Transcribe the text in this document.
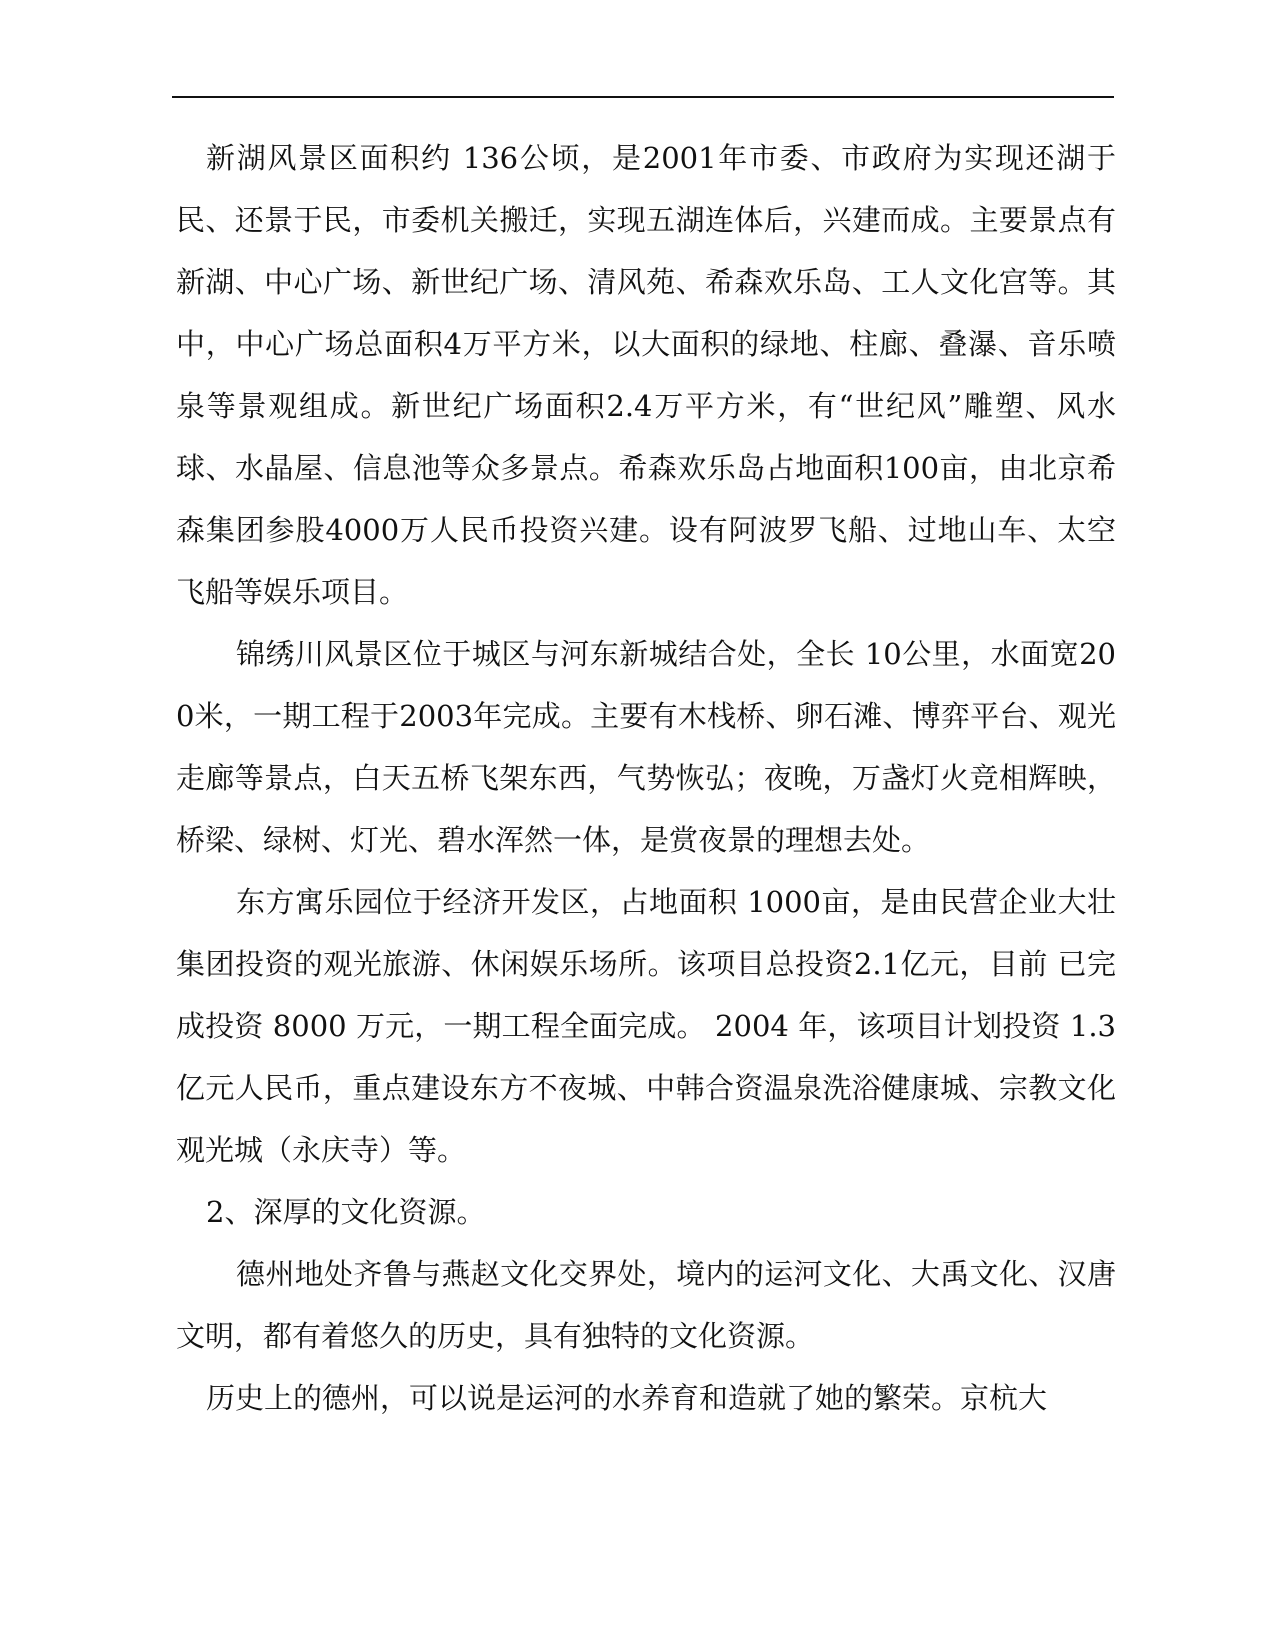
新湖风景区面积约 136公顷，是2001年市委、市政府为实现还湖于民、还景于民，市委机关搬迁，实现五湖连体后，兴建而成。主要景点有新湖、中心广场、新世纪广场、清风苑、希森欢乐岛、工人文化宫等。其中，中心广场总面积4万平方米，以大面积的绿地、柱廊、叠瀑、音乐喷泉等景观组成。新世纪广场面积2.4万平方米，有“世纪风”雕塑、风水球、水晶屋、信息池等众多景点。希森欢乐岛占地面积100亩，由北京希森集团参股4000万人民币投资兴建。设有阿波罗飞船、过地山车、太空飞船等娱乐项目。

锦绣川风景区位于城区与河东新城结合处，全长 10公里，水面宽200米，一期工程于2003年完成。主要有木栈桥、卵石滩、博弈平台、观光走廊等景点，白天五桥飞架东西，气势恢弘；夜晚，万盏灯火竞相辉映，桥梁、绿树、灯光、碧水浑然一体，是赏夜景的理想去处。

东方寓乐园位于经济开发区，占地面积 1000亩，是由民营企业大壮集团投资的观光旅游、休闲娱乐场所。该项目总投资2.1亿元，目前 已完成投资 8000 万元，一期工程全面完成。 2004 年，该项目计划投资 1.3 亿元人民币，重点建设东方不夜城、中韩合资温泉洗浴健康城、宗教文化观光城（永庆寺）等。

2、深厚的文化资源。

德州地处齐鲁与燕赵文化交界处，境内的运河文化、大禹文化、汉唐文明，都有着悠久的历史，具有独特的文化资源。

历史上的德州，可以说是运河的水养育和造就了她的繁荣。京杭大
